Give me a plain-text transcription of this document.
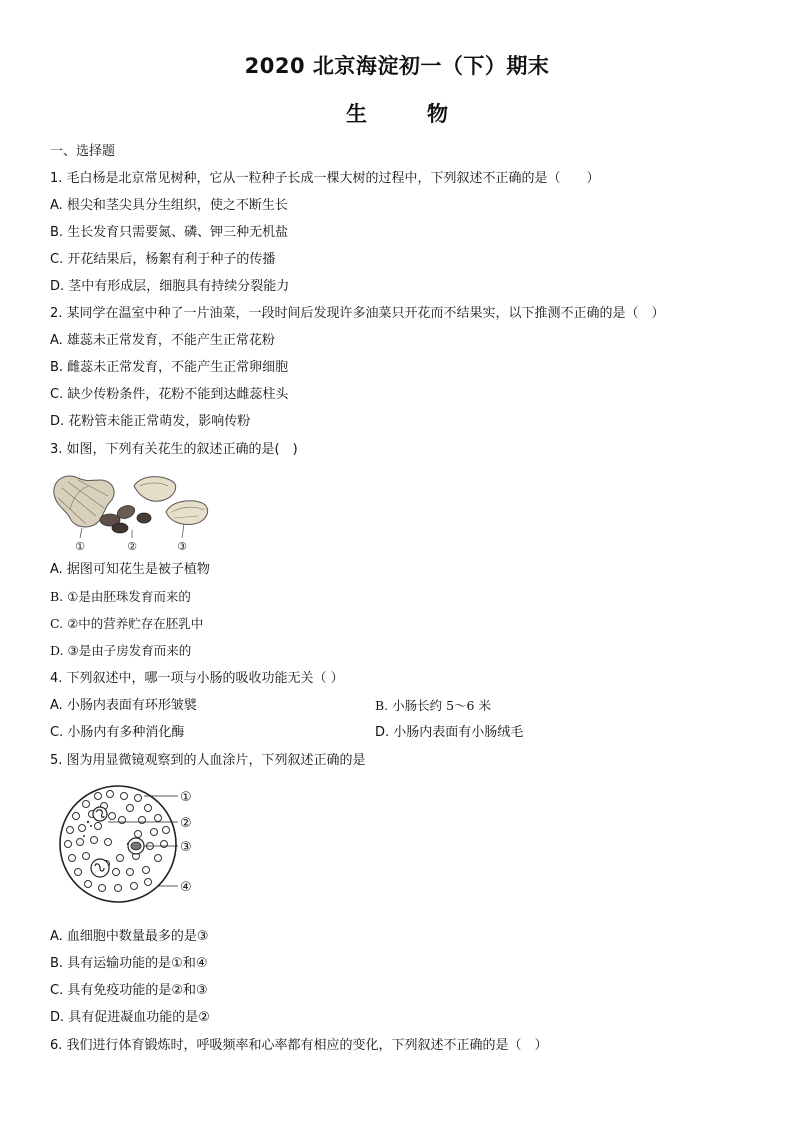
2020 北京海淀初一（下）期末
生	物
一、选择题
1. 毛白杨是北京常见树种，它从一粒种子长成一棵大树的过程中，下列叙述不正确的是（　　）
A. 根尖和茎尖具分生组织，使之不断生长
B. 生长发育只需要氮、磷、钾三种无机盐
C. 开花结果后，杨絮有利于种子的传播
D. 茎中有形成层，细胞具有持续分裂能力
2. 某同学在温室中种了一片油菜，一段时间后发现许多油菜只开花而不结果实，以下推测不正确的是（　）
A. 雄蕊未正常发育，不能产生正常花粉
B. 雌蕊未正常发育，不能产生正常卵细胞
C. 缺少传粉条件，花粉不能到达雌蕊柱头
D. 花粉管未能正常萌发，影响传粉
3. 如图，下列有关花生的叙述正确的是(　)
①	②	③
A. 据图可知花生是被子植物
B. ①是由胚珠发育而来的
C. ②中的营养贮存在胚乳中
D. ③是由子房发育而来的
4. 下列叙述中，哪一项与小肠的吸收功能无关（ ）
A. 小肠内表面有环形皱襞	B. 小肠长约 5～6 米
C. 小肠内有多种消化酶	D. 小肠内表面有小肠绒毛
5. 图为用显微镜观察到的人血涂片，下列叙述正确的是
①
②
③
④
A. 血细胞中数量最多的是③
B. 具有运输功能的是①和④
C. 具有免疫功能的是②和③
D. 具有促进凝血功能的是②
6. 我们进行体育锻炼时，呼吸频率和心率都有相应的变化，下列叙述不正确的是（　）
